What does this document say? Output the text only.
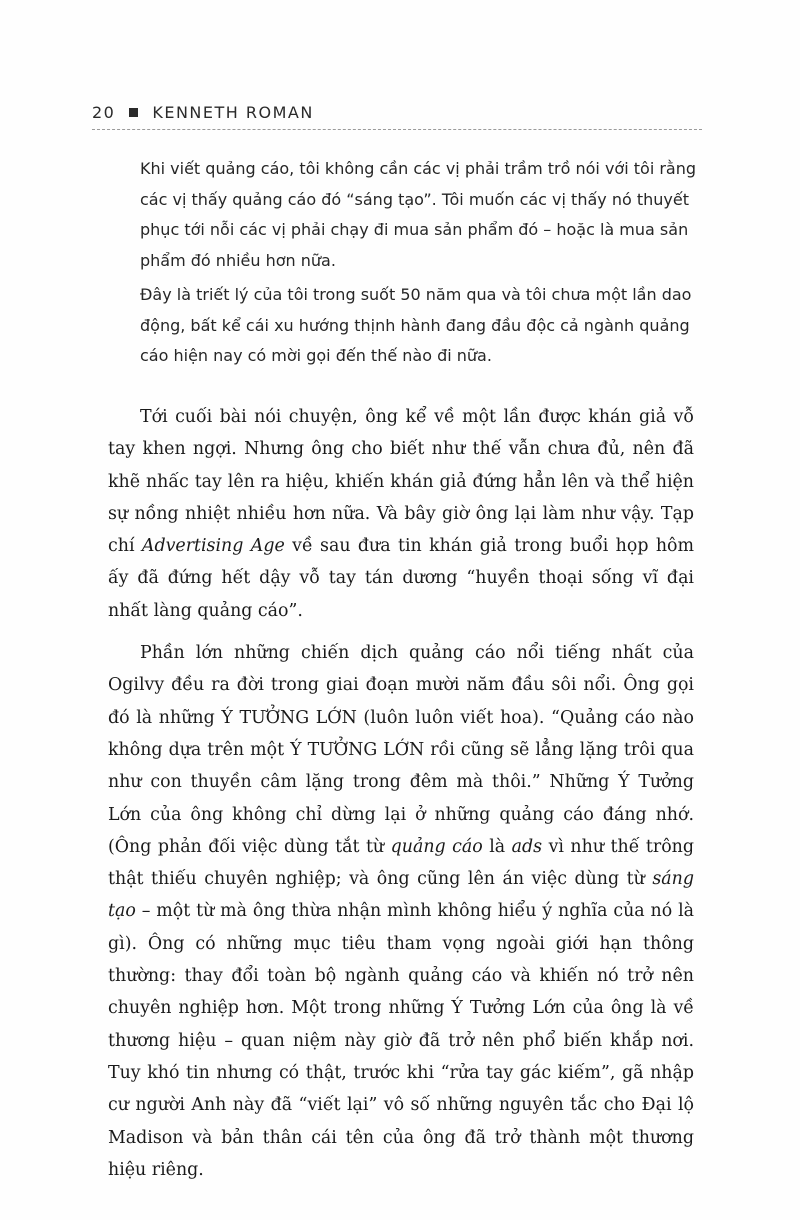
20 KENNETH ROMAN

Khi viết quảng cáo, tôi không cần các vị phải trầm trồ nói với tôi rằng các vị thấy quảng cáo đó “sáng tạo”. Tôi muốn các vị thấy nó thuyết phục tới nỗi các vị phải chạy đi mua sản phẩm đó – hoặc là mua sản phẩm đó nhiều hơn nữa.

Đây là triết lý của tôi trong suốt 50 năm qua và tôi chưa một lần dao động, bất kể cái xu hướng thịnh hành đang đầu độc cả ngành quảng cáo hiện nay có mời gọi đến thế nào đi nữa.

Tới cuối bài nói chuyện, ông kể về một lần được khán giả vỗ tay khen ngợi. Nhưng ông cho biết như thế vẫn chưa đủ, nên đã khẽ nhấc tay lên ra hiệu, khiến khán giả đứng hẳn lên và thể hiện sự nồng nhiệt nhiều hơn nữa. Và bây giờ ông lại làm như vậy. Tạp chí Advertising Age về sau đưa tin khán giả trong buổi họp hôm ấy đã đứng hết dậy vỗ tay tán dương “huyền thoại sống vĩ đại nhất làng quảng cáo”.

Phần lớn những chiến dịch quảng cáo nổi tiếng nhất của Ogilvy đều ra đời trong giai đoạn mười năm đầu sôi nổi. Ông gọi đó là những Ý TƯỞNG LỚN (luôn luôn viết hoa). “Quảng cáo nào không dựa trên một Ý TƯỞNG LỚN rồi cũng sẽ lẳng lặng trôi qua như con thuyền câm lặng trong đêm mà thôi.” Những Ý Tưởng Lớn của ông không chỉ dừng lại ở những quảng cáo đáng nhớ. (Ông phản đối việc dùng tắt từ quảng cáo là ads vì như thế trông thật thiếu chuyên nghiệp; và ông cũng lên án việc dùng từ sáng tạo – một từ mà ông thừa nhận mình không hiểu ý nghĩa của nó là gì). Ông có những mục tiêu tham vọng ngoài giới hạn thông thường: thay đổi toàn bộ ngành quảng cáo và khiến nó trở nên chuyên nghiệp hơn. Một trong những Ý Tưởng Lớn của ông là về thương hiệu – quan niệm này giờ đã trở nên phổ biến khắp nơi. Tuy khó tin nhưng có thật, trước khi “rửa tay gác kiếm”, gã nhập cư người Anh này đã “viết lại” vô số những nguyên tắc cho Đại lộ Madison và bản thân cái tên của ông đã trở thành một thương hiệu riêng.
